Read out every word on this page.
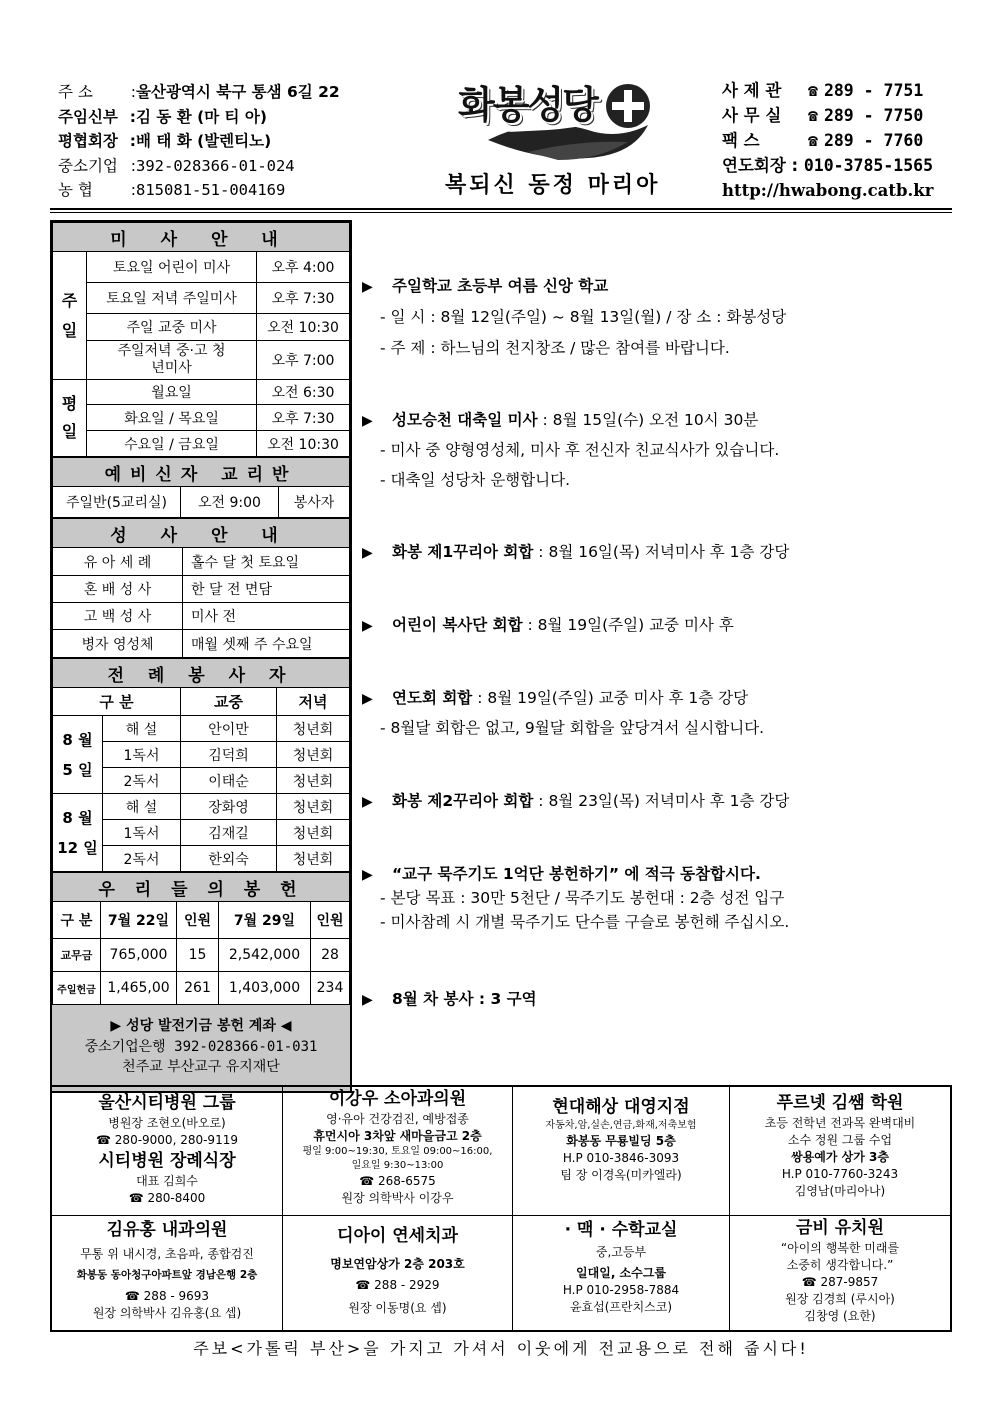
주 소 : 울산광역시 북구 통샘 6길 22
주임신부 : 김 동 환 (마 티 아)
평협회장 : 배 태 화 (발렌티노)
중소기업 : 392-028366-01-024
농 협 : 815081-51-004169
화봉성당
복되신 동정 마리아
사 제 관	☎ 289 - 7751
사 무 실	☎ 289 - 7750
팩 스	☎ 289 - 7760
연도회장 : 010-3785-1565
http://hwabong.catb.kr
미 사 안 내		
주 일	토요일 어린이 미사	오후 4:00
	토요일 저녁 주일미사	오후 7:30
	주일 교중 미사	오전 10:30
	주일저녁 중·고 청년미사	오후 7:00
평 일	월요일	오전 6:30
	화요일 / 목요일	오후 7:30
	수요일 / 금요일	오전 10:30
예비신자 교리반
주일반(5교리실)	오전 9:00	봉사자
성 사 안 내	
유 아 세 례	홀수 달 첫 토요일
혼 배 성 사	한 달 전 면담
고 백 성 사	미사 전
병자 영성체	매월 셋째 주 수요일
전 례 봉 사 자			
구 분		교중	저녁
8 월 5 일	해 설	안이만	청년회
	1독서	김덕희	청년회
	2독서	이태순	청년회
8 월 12 일	해 설	장화영	청년회
	1독서	김재길	청년회
	2독서	한외숙	청년회
우 리 들 의 봉 헌				
구 분	7월 22일	인원	7월 29일	인원
교무금	765,000	15	2,542,000	28
주일헌금	1,465,00	261	1,403,000	234
▶ 성당 발전기금 봉헌 계좌 ◀
중소기업은행 392-028366-01-031
천주교 부산교구 유지재단
▶ 주일학교 초등부 여름 신앙 학교
- 일 시 : 8월 12일(주일) ~ 8월 13일(월) / 장 소 : 화봉성당
- 주 제 : 하느님의 천지창조 / 많은 참여를 바랍니다.
▶ 성모승천 대축일 미사 : 8월 15일(수) 오전 10시 30분
- 미사 중 양형영성체, 미사 후 전신자 친교식사가 있습니다.
- 대축일 성당차 운행합니다.
▶ 화봉 제1꾸리아 회합 : 8월 16일(목) 저녁미사 후 1층 강당
▶ 어린이 복사단 회합 : 8월 19일(주일) 교중 미사 후
▶ 연도회 회합 : 8월 19일(주일) 교중 미사 후 1층 강당
- 8월달 회합은 없고, 9월달 회합을 앞당겨서 실시합니다.
▶ 화봉 제2꾸리아 회합 : 8월 23일(목) 저녁미사 후 1층 강당
▶ “교구 묵주기도 1억단 봉헌하기” 에 적극 동참합시다.
- 본당 목표 : 30만 5천단 / 묵주기도 봉헌대 : 2층 성전 입구
- 미사참례 시 개별 묵주기도 단수를 구슬로 봉헌해 주십시오.
▶ 8월 차 봉사 : 3 구역
울산시티병원 그룹
병원장 조현오(바오로)
☎ 280-9000, 280-9119
시티병원 장례식장
대표 김희수
☎ 280-8400
이강우 소아과의원
영·유아 건강검진, 예방접종
휴먼시아 3차앞 새마을금고 2층
평일 9:00~19:30, 토요일 09:00~16:00,
일요일 9:30~13:00
☎ 268-6575
원장 의학박사 이강우
현대해상 대영지점
자동차,암,실손,연금,화재,저축보험
화봉동 무룡빌딩 5층
H.P 010-3846-3093
팀 장 이경옥(미카엘라)
푸르넷 김쌤 학원
초등 전학년 전과목 완벽대비
소수 정원 그룹 수업
쌍용예가 상가 3층
H.P 010-7760-3243
김영남(마리아나)
김유홍 내과의원
무통 위 내시경, 초음파, 종합검진
화봉동 동아청구아파트앞 경남은행 2층
☎ 288 - 9693
원장 의학박사 김유홍(요 셉)
디아이 연세치과
명보연암상가 2층 203호
☎ 288 - 2929
원장 이동명(요 셉)
· 맥 · 수학교실
중,고등부
일대일, 소수그룹
H.P 010-2958-7884
윤효섭(프란치스코)
금비 유치원
“아이의 행복한 미래를
소중히 생각합니다.”
☎ 287-9857
원장 김경희 (루시아)
김창영 (요한)
주보<가톨릭 부산>을 가지고 가셔서 이웃에게 전교용으로 전해 줍시다!
